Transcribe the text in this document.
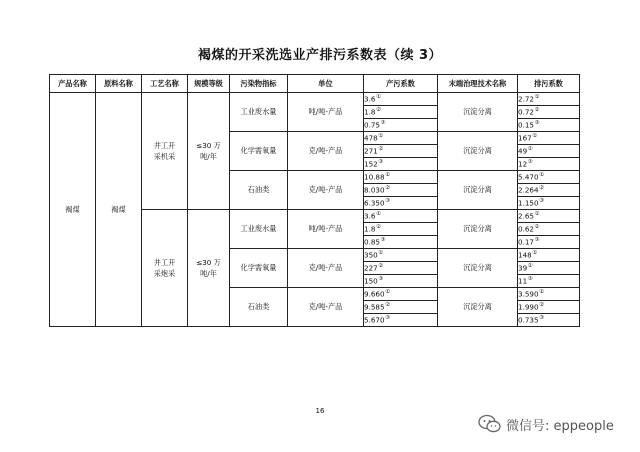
褐煤的开采洗选业产排污系数表（续 3）
产品名称	原料名称	工艺名称	规模等级	污染物指标	单位	产污系数	末端治理技术名称	排污系数
褐煤	褐煤	井工开采机采	≤30 万吨/年	工业废水量	吨/吨-产品	3.6①	沉淀分离	2.72①
						1.8②		0.72②
						0.75③		0.15③
				化学需氧量	克/吨-产品	478①	沉淀分离	167①
						271②		49②
						152③		12③
				石油类	克/吨-产品	10.88①	沉淀分离	5.470①
						8.030②		2.264②
						6.350③		1.150③
		井工开采炮采	≤30 万吨/年	工业废水量	吨/吨-产品	3.6①	沉淀分离	2.65①
						1.8②		0.62②
						0.85③		0.17③
				化学需氧量	克/吨-产品	350①	沉淀分离	148①
						227②		39②
						150③		11③
				石油类	克/吨-产品	9.660①	沉淀分离	3.590①
						9.585②		1.990②
						5.670③		0.735③
16
微信号: eppeople
